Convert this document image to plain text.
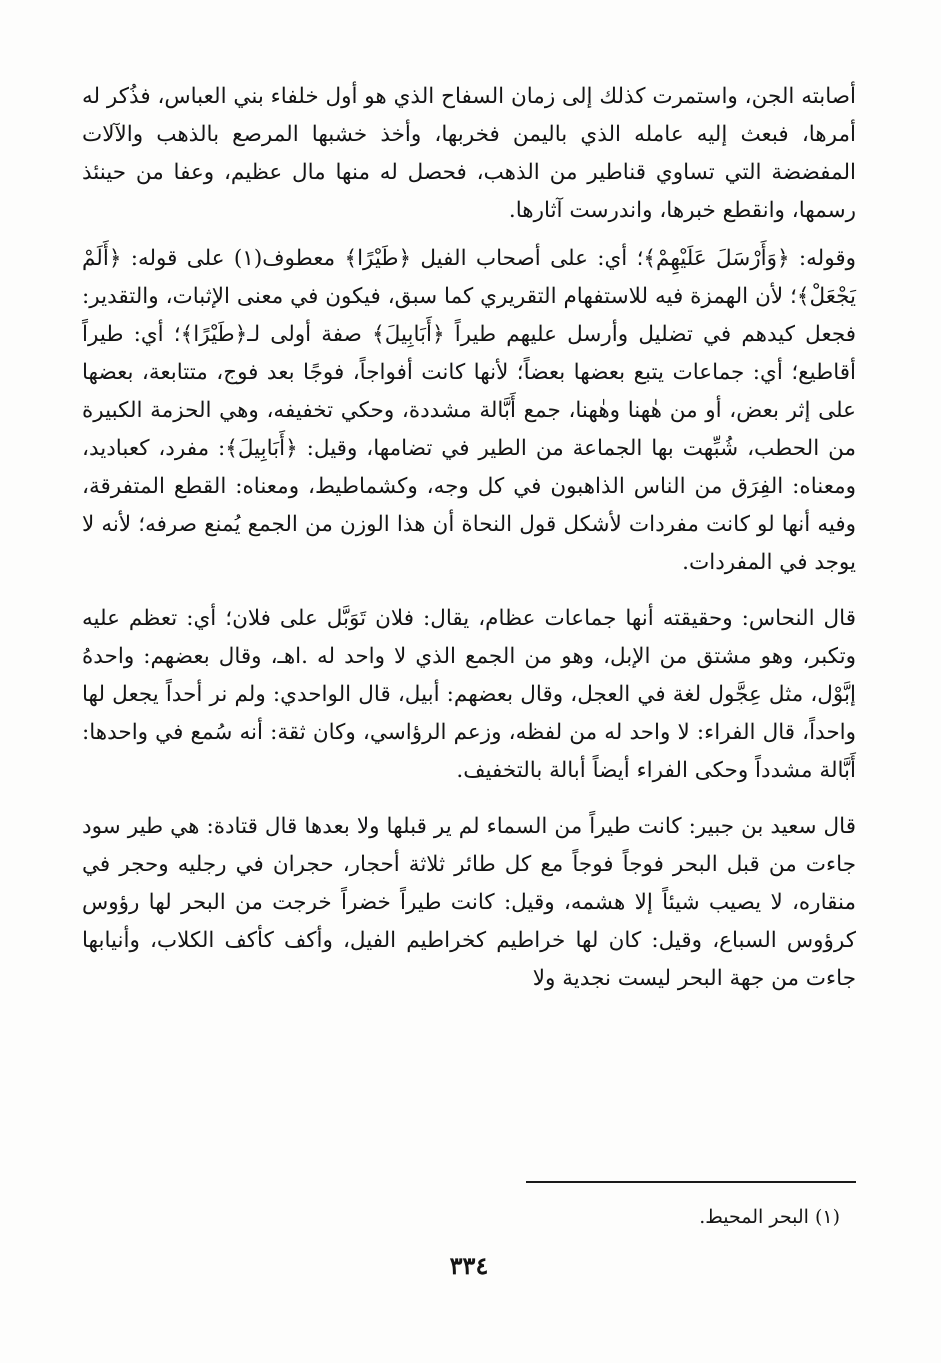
أصابته الجن، واستمرت كذلك إلى زمان السفاح الذي هو أول خلفاء بني العباس، فذُكر له أمرها، فبعث إليه عامله الذي باليمن فخربها، وأخذ خشبها المرصع بالذهب والآلات المفضضة التي تساوي قناطير من الذهب، فحصل له منها مال عظيم، وعفا من حينئذ رسمها، وانقطع خبرها، واندرست آثارها.

وقوله: ﴿وَأَرْسَلَ عَلَيْهِمْ﴾؛ أي: على أصحاب الفيل ﴿طَيْرًا﴾ معطوف(١) على قوله: ﴿أَلَمْ يَجْعَلْ﴾؛ لأن الهمزة فيه للاستفهام التقريري كما سبق، فيكون في معنى الإثبات، والتقدير: فجعل كيدهم في تضليل وأرسل عليهم طيراً ﴿أَبَابِيلَ﴾ صفة أولى لـ﴿طَيْرًا﴾؛ أي: طيراً أقاطيع؛ أي: جماعات يتبع بعضها بعضاً؛ لأنها كانت أفواجاً، فوجًا بعد فوج، متتابعة، بعضها على إثر بعض، أو من هٰهنا وهٰهنا، جمع أَبَّالة مشددة، وحكي تخفيفه، وهي الحزمة الكبيرة من الحطب، شُبِّهت بها الجماعة من الطير في تضامها، وقيل: ﴿أَبَابِيلَ﴾: مفرد، كعباديد، ومعناه: الفِرَق من الناس الذاهبون في كل وجه، وكشماطيط، ومعناه: القطع المتفرقة، وفيه أنها لو كانت مفردات لأشكل قول النحاة أن هذا الوزن من الجمع يُمنع صرفه؛ لأنه لا يوجد في المفردات.

قال النحاس: وحقيقته أنها جماعات عظام، يقال: فلان تَوَبَّل على فلان؛ أي: تعظم عليه وتكبر، وهو مشتق من الإبل، وهو من الجمع الذي لا واحد له .اهـ، وقال بعضهم: واحدهُ إبَّوْل، مثل عِجَّول لغة في العجل، وقال بعضهم: أبيل، قال الواحدي: ولم نر أحداً يجعل لها واحداً، قال الفراء: لا واحد له من لفظه، وزعم الرؤاسي، وكان ثقة: أنه سُمع في واحدها: أَبَّالة مشدداً وحكى الفراء أيضاً أبالة بالتخفيف.

قال سعيد بن جبير: كانت طيراً من السماء لم ير قبلها ولا بعدها قال قتادة: هي طير سود جاءت من قبل البحر فوجاً فوجاً مع كل طائر ثلاثة أحجار، حجران في رجليه وحجر في منقاره، لا يصيب شيئاً إلا هشمه، وقيل: كانت طيراً خضراً خرجت من البحر لها رؤوس كرؤوس السباع، وقيل: كان لها خراطيم كخراطيم الفيل، وأكف كأكف الكلاب، وأنيابها جاءت من جهة البحر ليست نجدية ولا

(١) البحر المحيط.
٣٣٤
